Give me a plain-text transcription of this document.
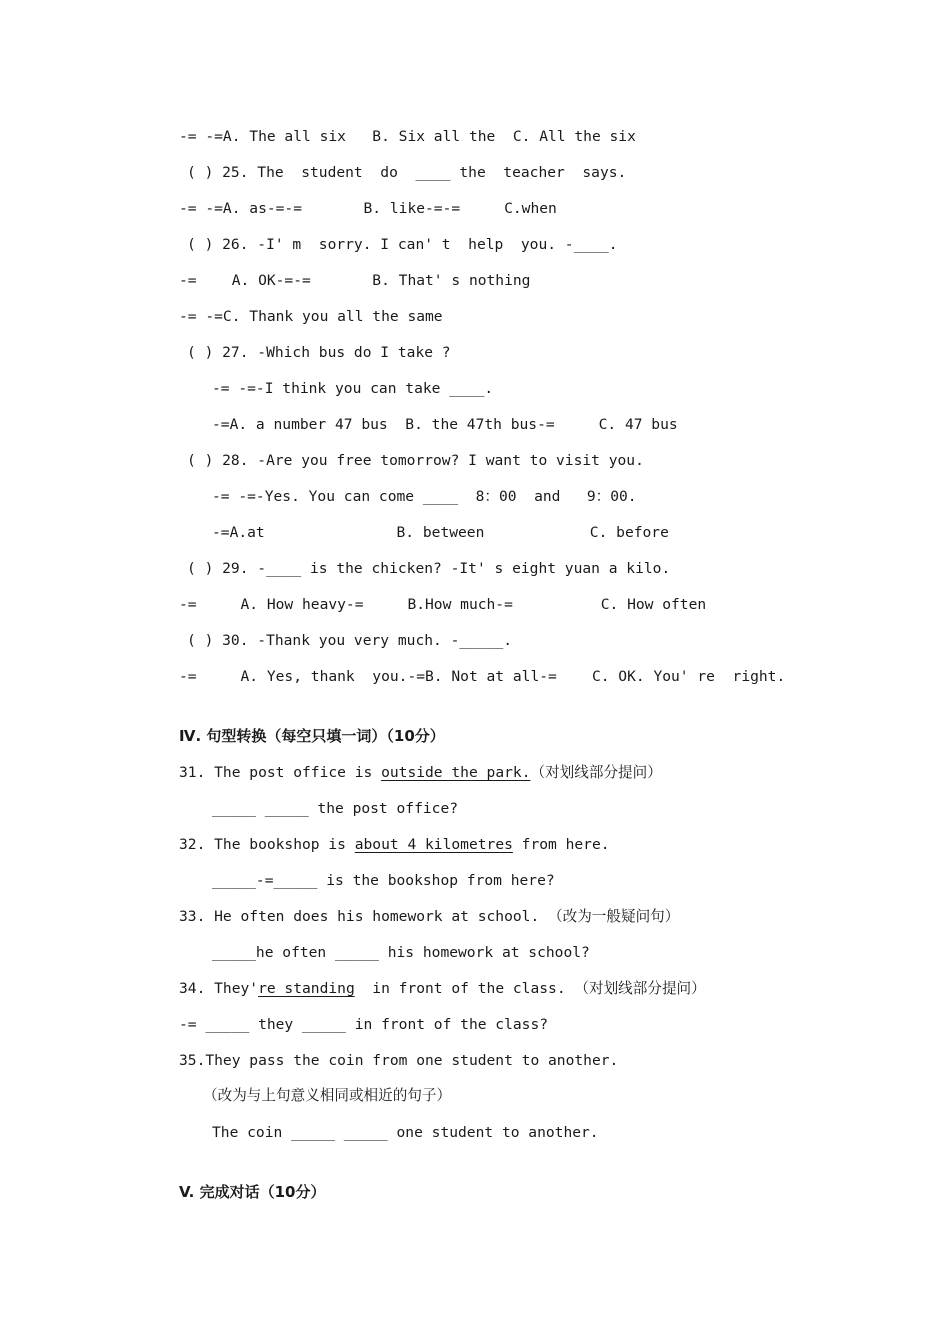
-= -=A. The all six   B. Six all the  C. All the six
( ) 25. The  student  do  ____ the  teacher  says.
-= -=A. as-=-=       B. like-=-=     C.when
( ) 26. -I' m  sorry. I can' t  help  you. -____.
-=    A. OK-=-=       B. That' s nothing
-= -=C. Thank you all the same
( ) 27. -Which bus do I take ?
-= -=-I think you can take ____.
-=A. a number 47 bus  B. the 47th bus-=     C. 47 bus
( ) 28. -Are you free tomorrow? I want to visit you.
-= -=-Yes. You can come ____  8：00  and   9：00.
-=A.at               B. between            C. before
( ) 29. -____ is the chicken? -It' s eight yuan a kilo.
-=     A. How heavy-=     B.How much-=          C. How often
( ) 30. -Thank you very much. -_____.
-=     A. Yes, thank  you.-=B. Not at all-=    C. OK. You' re  right.
Ⅳ. 句型转换（每空只填一词）（10分）
31. The post office is outside the park.（对划线部分提问）
_____ _____ the post office?
32. The bookshop is about 4 kilometres from here.
_____-=_____ is the bookshop from here?
33. He often does his homework at school. （改为一般疑问句）
_____he often _____ his homework at school?
34. They're standing  in front of the class. （对划线部分提问）
-= _____ they _____ in front of the class?
35.They pass the coin from one student to another.
（改为与上句意义相同或相近的句子）
The coin _____ _____ one student to another.
V. 完成对话（10分）
